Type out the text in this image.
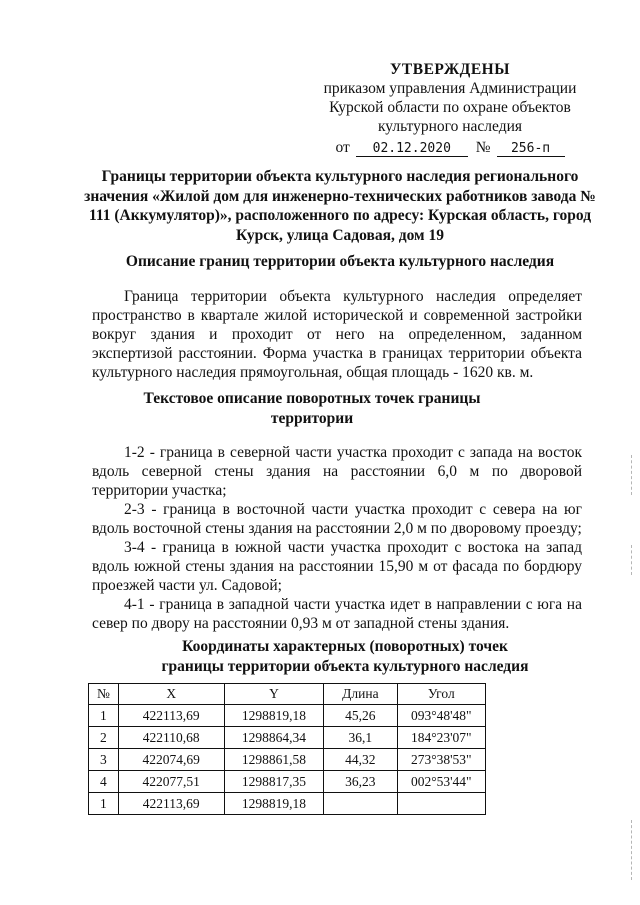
УТВЕРЖДЕНЫ
приказом управления Администрации
Курской области по охране объектов
культурного наследия
от	02.12.2020	№	256-п
Границы территории объекта культурного наследия регионального значения «Жилой дом для инженерно-технических работников завода № 111 (Аккумулятор)», расположенного по адресу: Курская область, город Курск, улица Садовая, дом 19
Описание границ территории объекта культурного наследия
Граница территории объекта культурного наследия определяет пространство в квартале жилой исторической и современной застройки вокруг здания и проходит от него на определенном, заданном экспертизой расстоянии. Форма участка в границах территории объекта культурного наследия прямоугольная, общая площадь - 1620 кв. м.
Текстовое описание поворотных точек границы
территории

1-2 - граница в северной части участка проходит с запада на восток вдоль северной стены здания на расстоянии 6,0 м по дворовой территории участка;

2-3 - граница в восточной части участка проходит с севера на юг вдоль восточной стены здания на расстоянии 2,0 м по дворовому проезду;

3-4 - граница в южной части участка проходит с востока на запад вдоль южной стены здания на расстоянии 15,90 м от фасада по бордюру проезжей части ул. Садовой;

4-1 - граница в западной части участка идет в направлении с юга на север по двору на расстоянии 0,93 м от западной стены здания.

Координаты характерных (поворотных) точек
границы территории объекта культурного наследия
№	X	Y	Длина	Угол
1	422113,69	1298819,18	45,26	093°48'48"
2	422110,68	1298864,34	36,1	184°23'07"
3	422074,69	1298861,58	44,32	273°38'53"
4	422077,51	1298817,35	36,23	002°53'44"
1	422113,69	1298819,18		
